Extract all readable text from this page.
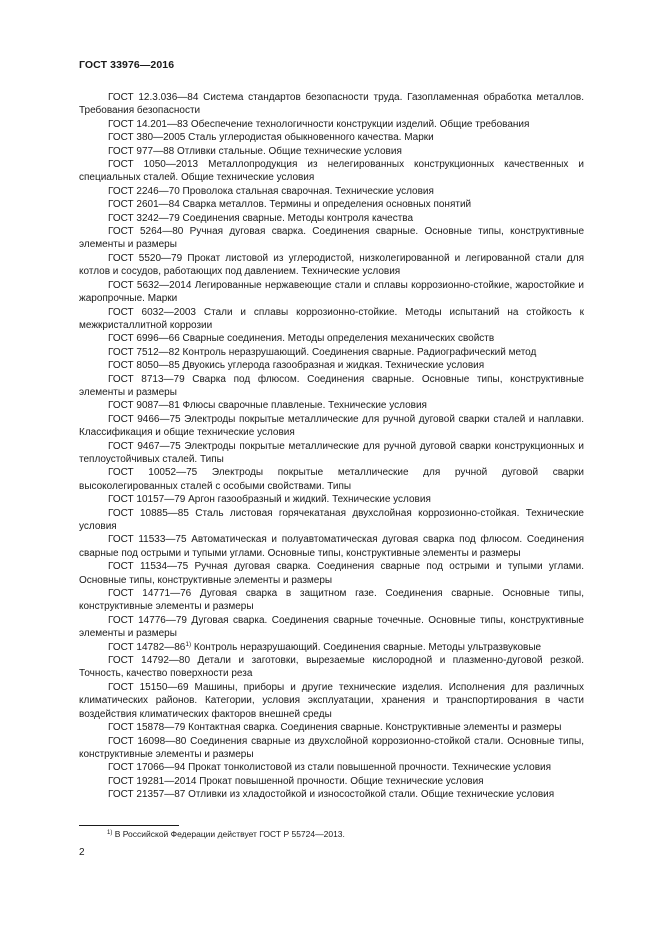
ГОСТ 33976—2016
ГОСТ 12.3.036—84 Система стандартов безопасности труда. Газопламенная обработка металлов. Требования безопасности
ГОСТ 14.201—83 Обеспечение технологичности конструкции изделий. Общие требования
ГОСТ 380—2005 Сталь углеродистая обыкновенного качества. Марки
ГОСТ 977—88 Отливки стальные. Общие технические условия
ГОСТ 1050—2013 Металлопродукция из нелегированных конструкционных качественных и специальных сталей. Общие технические условия
ГОСТ 2246—70 Проволока стальная сварочная. Технические условия
ГОСТ 2601—84 Сварка металлов. Термины и определения основных понятий
ГОСТ 3242—79 Соединения сварные. Методы контроля качества
ГОСТ 5264—80 Ручная дуговая сварка. Соединения сварные. Основные типы, конструктивные элементы и размеры
ГОСТ 5520—79 Прокат листовой из углеродистой, низколегированной и легированной стали для котлов и сосудов, работающих под давлением. Технические условия
ГОСТ 5632—2014 Легированные нержавеющие стали и сплавы коррозионно-стойкие, жаростойкие и жаропрочные. Марки
ГОСТ 6032—2003 Стали и сплавы коррозионно-стойкие. Методы испытаний на стойкость к межкристаллитной коррозии
ГОСТ 6996—66 Сварные соединения. Методы определения механических свойств
ГОСТ 7512—82 Контроль неразрушающий. Соединения сварные. Радиографический метод
ГОСТ 8050—85 Двуокись углерода газообразная и жидкая. Технические условия
ГОСТ 8713—79 Сварка под флюсом. Соединения сварные. Основные типы, конструктивные элементы и размеры
ГОСТ 9087—81 Флюсы сварочные плавленые. Технические условия
ГОСТ 9466—75 Электроды покрытые металлические для ручной дуговой сварки сталей и наплавки. Классификация и общие технические условия
ГОСТ 9467—75 Электроды покрытые металлические для ручной дуговой сварки конструкционных и теплоустойчивых сталей. Типы
ГОСТ 10052—75 Электроды покрытые металлические для ручной дуговой сварки высоколегированных сталей с особыми свойствами. Типы
ГОСТ 10157—79 Аргон газообразный и жидкий. Технические условия
ГОСТ 10885—85 Сталь листовая горячекатаная двухслойная коррозионно-стойкая. Технические условия
ГОСТ 11533—75 Автоматическая и полуавтоматическая дуговая сварка под флюсом. Соединения сварные под острыми и тупыми углами. Основные типы, конструктивные элементы и размеры
ГОСТ 11534—75 Ручная дуговая сварка. Соединения сварные под острыми и тупыми углами. Основные типы, конструктивные элементы и размеры
ГОСТ 14771—76 Дуговая сварка в защитном газе. Соединения сварные. Основные типы, конструктивные элементы и размеры
ГОСТ 14776—79 Дуговая сварка. Соединения сварные точечные. Основные типы, конструктивные элементы и размеры
ГОСТ 14782—86$^{1)}$ Контроль неразрушающий. Соединения сварные. Методы ультразвуковые
ГОСТ 14792—80 Детали и заготовки, вырезаемые кислородной и плазменно-дуговой резкой. Точность, качество поверхности реза
ГОСТ 15150—69 Машины, приборы и другие технические изделия. Исполнения для различных климатических районов. Категории, условия эксплуатации, хранения и транспортирования в части воздействия климатических факторов внешней среды
ГОСТ 15878—79 Контактная сварка. Соединения сварные. Конструктивные элементы и размеры
ГОСТ 16098—80 Соединения сварные из двухслойной коррозионно-стойкой стали. Основные типы, конструктивные элементы и размеры
ГОСТ 17066—94 Прокат тонколистовой из стали повышенной прочности. Технические условия
ГОСТ 19281—2014 Прокат повышенной прочности. Общие технические условия
ГОСТ 21357—87 Отливки из хладостойкой и износостойкой стали. Общие технические условия
$^{1)}$ В Российской Федерации действует ГОСТ Р 55724—2013.
2
